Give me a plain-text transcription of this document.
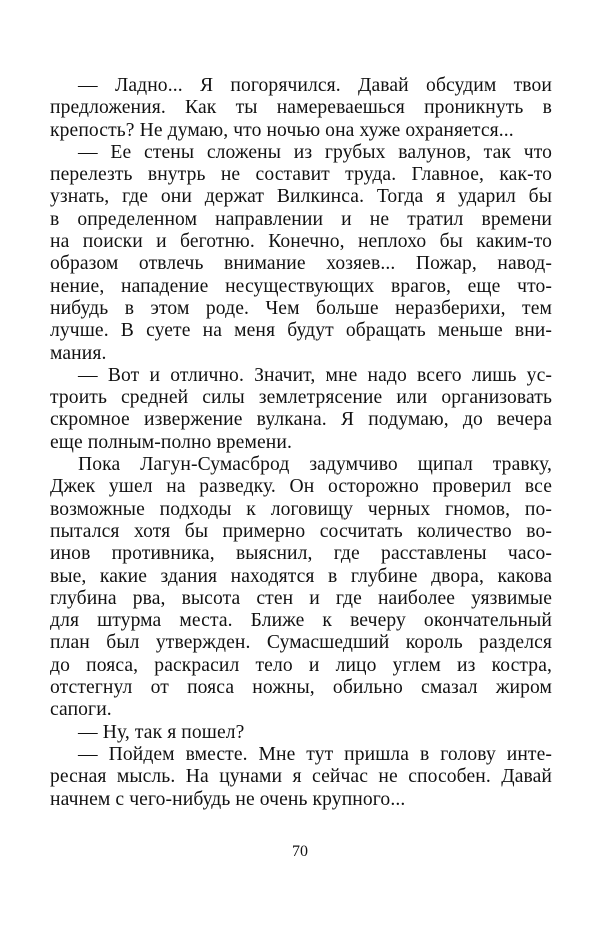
— Ладно... Я погорячился. Давай обсудим твои
предложения. Как ты намереваешься проникнуть в
крепость? Не думаю, что ночью она хуже охраняется...
— Ее стены сложены из грубых валунов, так что
перелезть внутрь не составит труда. Главное, как-то
узнать, где они держат Вилкинса. Тогда я ударил бы
в определенном направлении и не тратил времени
на поиски и беготню. Конечно, неплохо бы каким-то
образом отвлечь внимание хозяев... Пожар, навод-
нение, нападение несуществующих врагов, еще что-
нибудь в этом роде. Чем больше неразберихи, тем
лучше. В суете на меня будут обращать меньше вни-
мания.
— Вот и отлично. Значит, мне надо всего лишь ус-
троить средней силы землетрясение или организовать
скромное извержение вулкана. Я подумаю, до вечера
еще полным-полно времени.
Пока Лагун-Сумасброд задумчиво щипал травку,
Джек ушел на разведку. Он осторожно проверил все
возможные подходы к логовищу черных гномов, по-
пытался хотя бы примерно сосчитать количество во-
инов противника, выяснил, где расставлены часо-
вые, какие здания находятся в глубине двора, какова
глубина рва, высота стен и где наиболее уязвимые
для штурма места. Ближе к вечеру окончательный
план был утвержден. Сумасшедший король разделся
до пояса, раскрасил тело и лицо углем из костра,
отстегнул от пояса ножны, обильно смазал жиром
сапоги.
— Ну, так я пошел?
— Пойдем вместе. Мне тут пришла в голову инте-
ресная мысль. На цунами я сейчас не способен. Давай
начнем с чего-нибудь не очень крупного...
70
